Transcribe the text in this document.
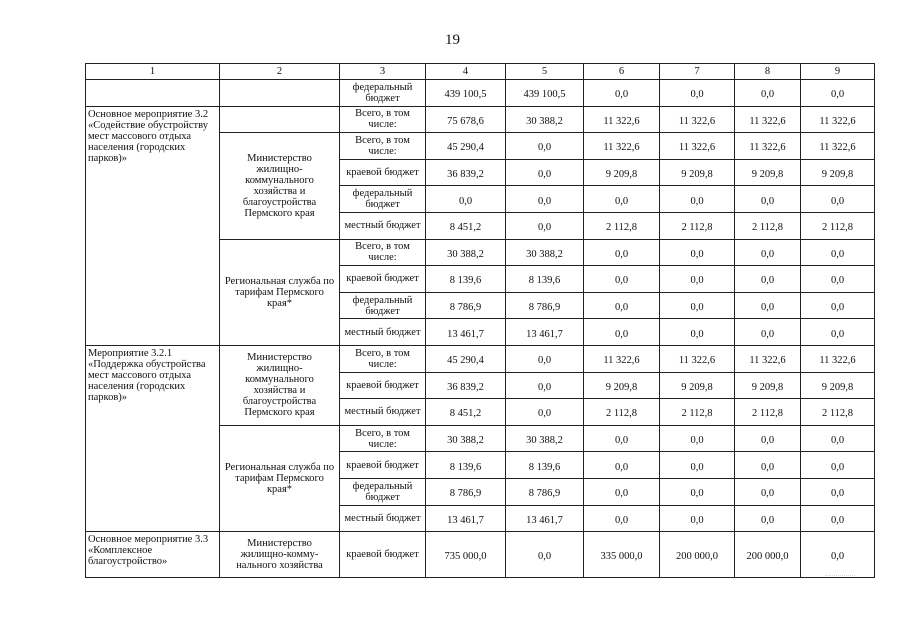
19
1	2	3	4	5	6	7	8	9
		федеральный бюджет	439 100,5	439 100,5	0,0	0,0	0,0	0,0
Основное мероприятие 3.2 «Содействие обустройству мест массового отдыха населения (городских парков)»		Всего, в том числе:	75 678,6	30 388,2	11 322,6	11 322,6	11 322,6	11 322,6
	Министерство жилищно-коммунального хозяйства и благоустройства Пермского края	Всего, в том числе:	45 290,4	0,0	11 322,6	11 322,6	11 322,6	11 322,6
		краевой бюджет	36 839,2	0,0	9 209,8	9 209,8	9 209,8	9 209,8
		федеральный бюджет	0,0	0,0	0,0	0,0	0,0	0,0
		местный бюджет	8 451,2	0,0	2 112,8	2 112,8	2 112,8	2 112,8
	Региональная служба по тарифам Пермского края*	Всего, в том числе:	30 388,2	30 388,2	0,0	0,0	0,0	0,0
		краевой бюджет	8 139,6	8 139,6	0,0	0,0	0,0	0,0
		федеральный бюджет	8 786,9	8 786,9	0,0	0,0	0,0	0,0
		местный бюджет	13 461,7	13 461,7	0,0	0,0	0,0	0,0
Мероприятие 3.2.1 «Поддержка обустройства мест массового отдыха населения (городских парков)»	Министерство жилищно-коммунального хозяйства и благоустройства Пермского края	Всего, в том числе:	45 290,4	0,0	11 322,6	11 322,6	11 322,6	11 322,6
		краевой бюджет	36 839,2	0,0	9 209,8	9 209,8	9 209,8	9 209,8
		местный бюджет	8 451,2	0,0	2 112,8	2 112,8	2 112,8	2 112,8
	Региональная служба по тарифам Пермского края*	Всего, в том числе:	30 388,2	30 388,2	0,0	0,0	0,0	0,0
		краевой бюджет	8 139,6	8 139,6	0,0	0,0	0,0	0,0
		федеральный бюджет	8 786,9	8 786,9	0,0	0,0	0,0	0,0
		местный бюджет	13 461,7	13 461,7	0,0	0,0	0,0	0,0
Основное мероприятие 3.3 «Комплексное благоустройство»	Министерство жилищно-комму-нального хозяйства	краевой бюджет	735 000,0	0,0	335 000,0	200 000,0	200 000,0	0,0
